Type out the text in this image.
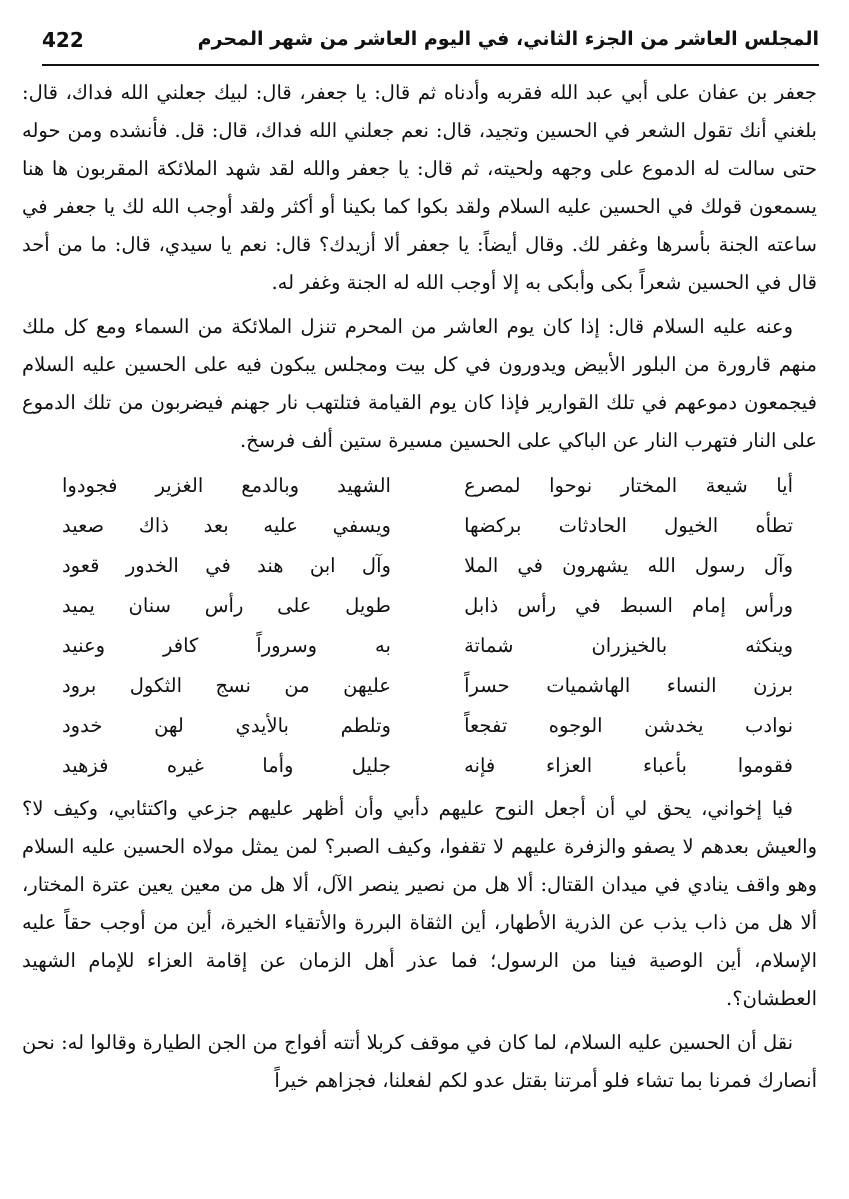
المجلس العاشر من الجزء الثاني، في اليوم العاشر من شهر المحرم
422

جعفر بن عفان على أبي عبد الله فقربه وأدناه ثم قال: يا جعفر، قال: لبيك جعلني الله فداك، قال: بلغني أنك تقول الشعر في الحسين وتجيد، قال: نعم جعلني الله فداك، قال: قل. فأنشده ومن حوله حتى سالت له الدموع على وجهه ولحيته، ثم قال: يا جعفر والله لقد شهد الملائكة المقربون ها هنا يسمعون قولك في الحسين عليه السلام ولقد بكوا كما بكينا أو أكثر ولقد أوجب الله لك يا جعفر في ساعته الجنة بأسرها وغفر لك. وقال أيضاً: يا جعفر ألا أزيدك؟ قال: نعم يا سيدي، قال: ما من أحد قال في الحسين شعراً بكى وأبكى به إلا أوجب الله له الجنة وغفر له.

وعنه عليه السلام قال: إذا كان يوم العاشر من المحرم تنزل الملائكة من السماء ومع كل ملك منهم قارورة من البلور الأبيض ويدورون في كل بيت ومجلس يبكون فيه على الحسين عليه السلام فيجمعون دموعهم في تلك القوارير فإذا كان يوم القيامة فتلتهب نار جهنم فيضربون من تلك الدموع على النار فتهرب النار عن الباكي على الحسين مسيرة ستين ألف فرسخ.

أيا شيعة المختار نوحوا لمصرع
الشهيد وبالدمع الغزير فجودوا
تطأه الخيول الحادثات بركضها
ويسفي عليه بعد ذاك صعيد
وآل رسول الله يشهرون في الملا
وآل ابن هند في الخدور قعود
ورأس إمام السبط في رأس ذابل
طويل على رأس سنان يميد
وينكثه بالخيزران شماتة
به وسروراً كافر وعنيد
برزن النساء الهاشميات حسراً
عليهن من نسج الثكول برود
نوادب يخدشن الوجوه تفجعاً
وتلطم بالأيدي لهن خدود
فقوموا بأعباء العزاء فإنه
جليل وأما غيره فزهيد

فيا إخواني، يحق لي أن أجعل النوح عليهم دأبي وأن أظهر عليهم جزعي واكتئابي، وكيف لا؟ والعيش بعدهم لا يصفو والزفرة عليهم لا تقفوا، وكيف الصبر؟ لمن يمثل مولاه الحسين عليه السلام وهو واقف ينادي في ميدان القتال: ألا هل من نصير ينصر الآل، ألا هل من معين يعين عترة المختار، ألا هل من ذاب يذب عن الذرية الأطهار، أين الثقاة البررة والأتقياء الخيرة، أين من أوجب حقاً عليه الإسلام، أين الوصية فينا من الرسول؛ فما عذر أهل الزمان عن إقامة العزاء للإمام الشهيد العطشان؟.

نقل أن الحسين عليه السلام، لما كان في موقف كربلا أتته أفواج من الجن الطيارة وقالوا له: نحن أنصارك فمرنا بما تشاء فلو أمرتنا بقتل عدو لكم لفعلنا، فجزاهم خيراً
